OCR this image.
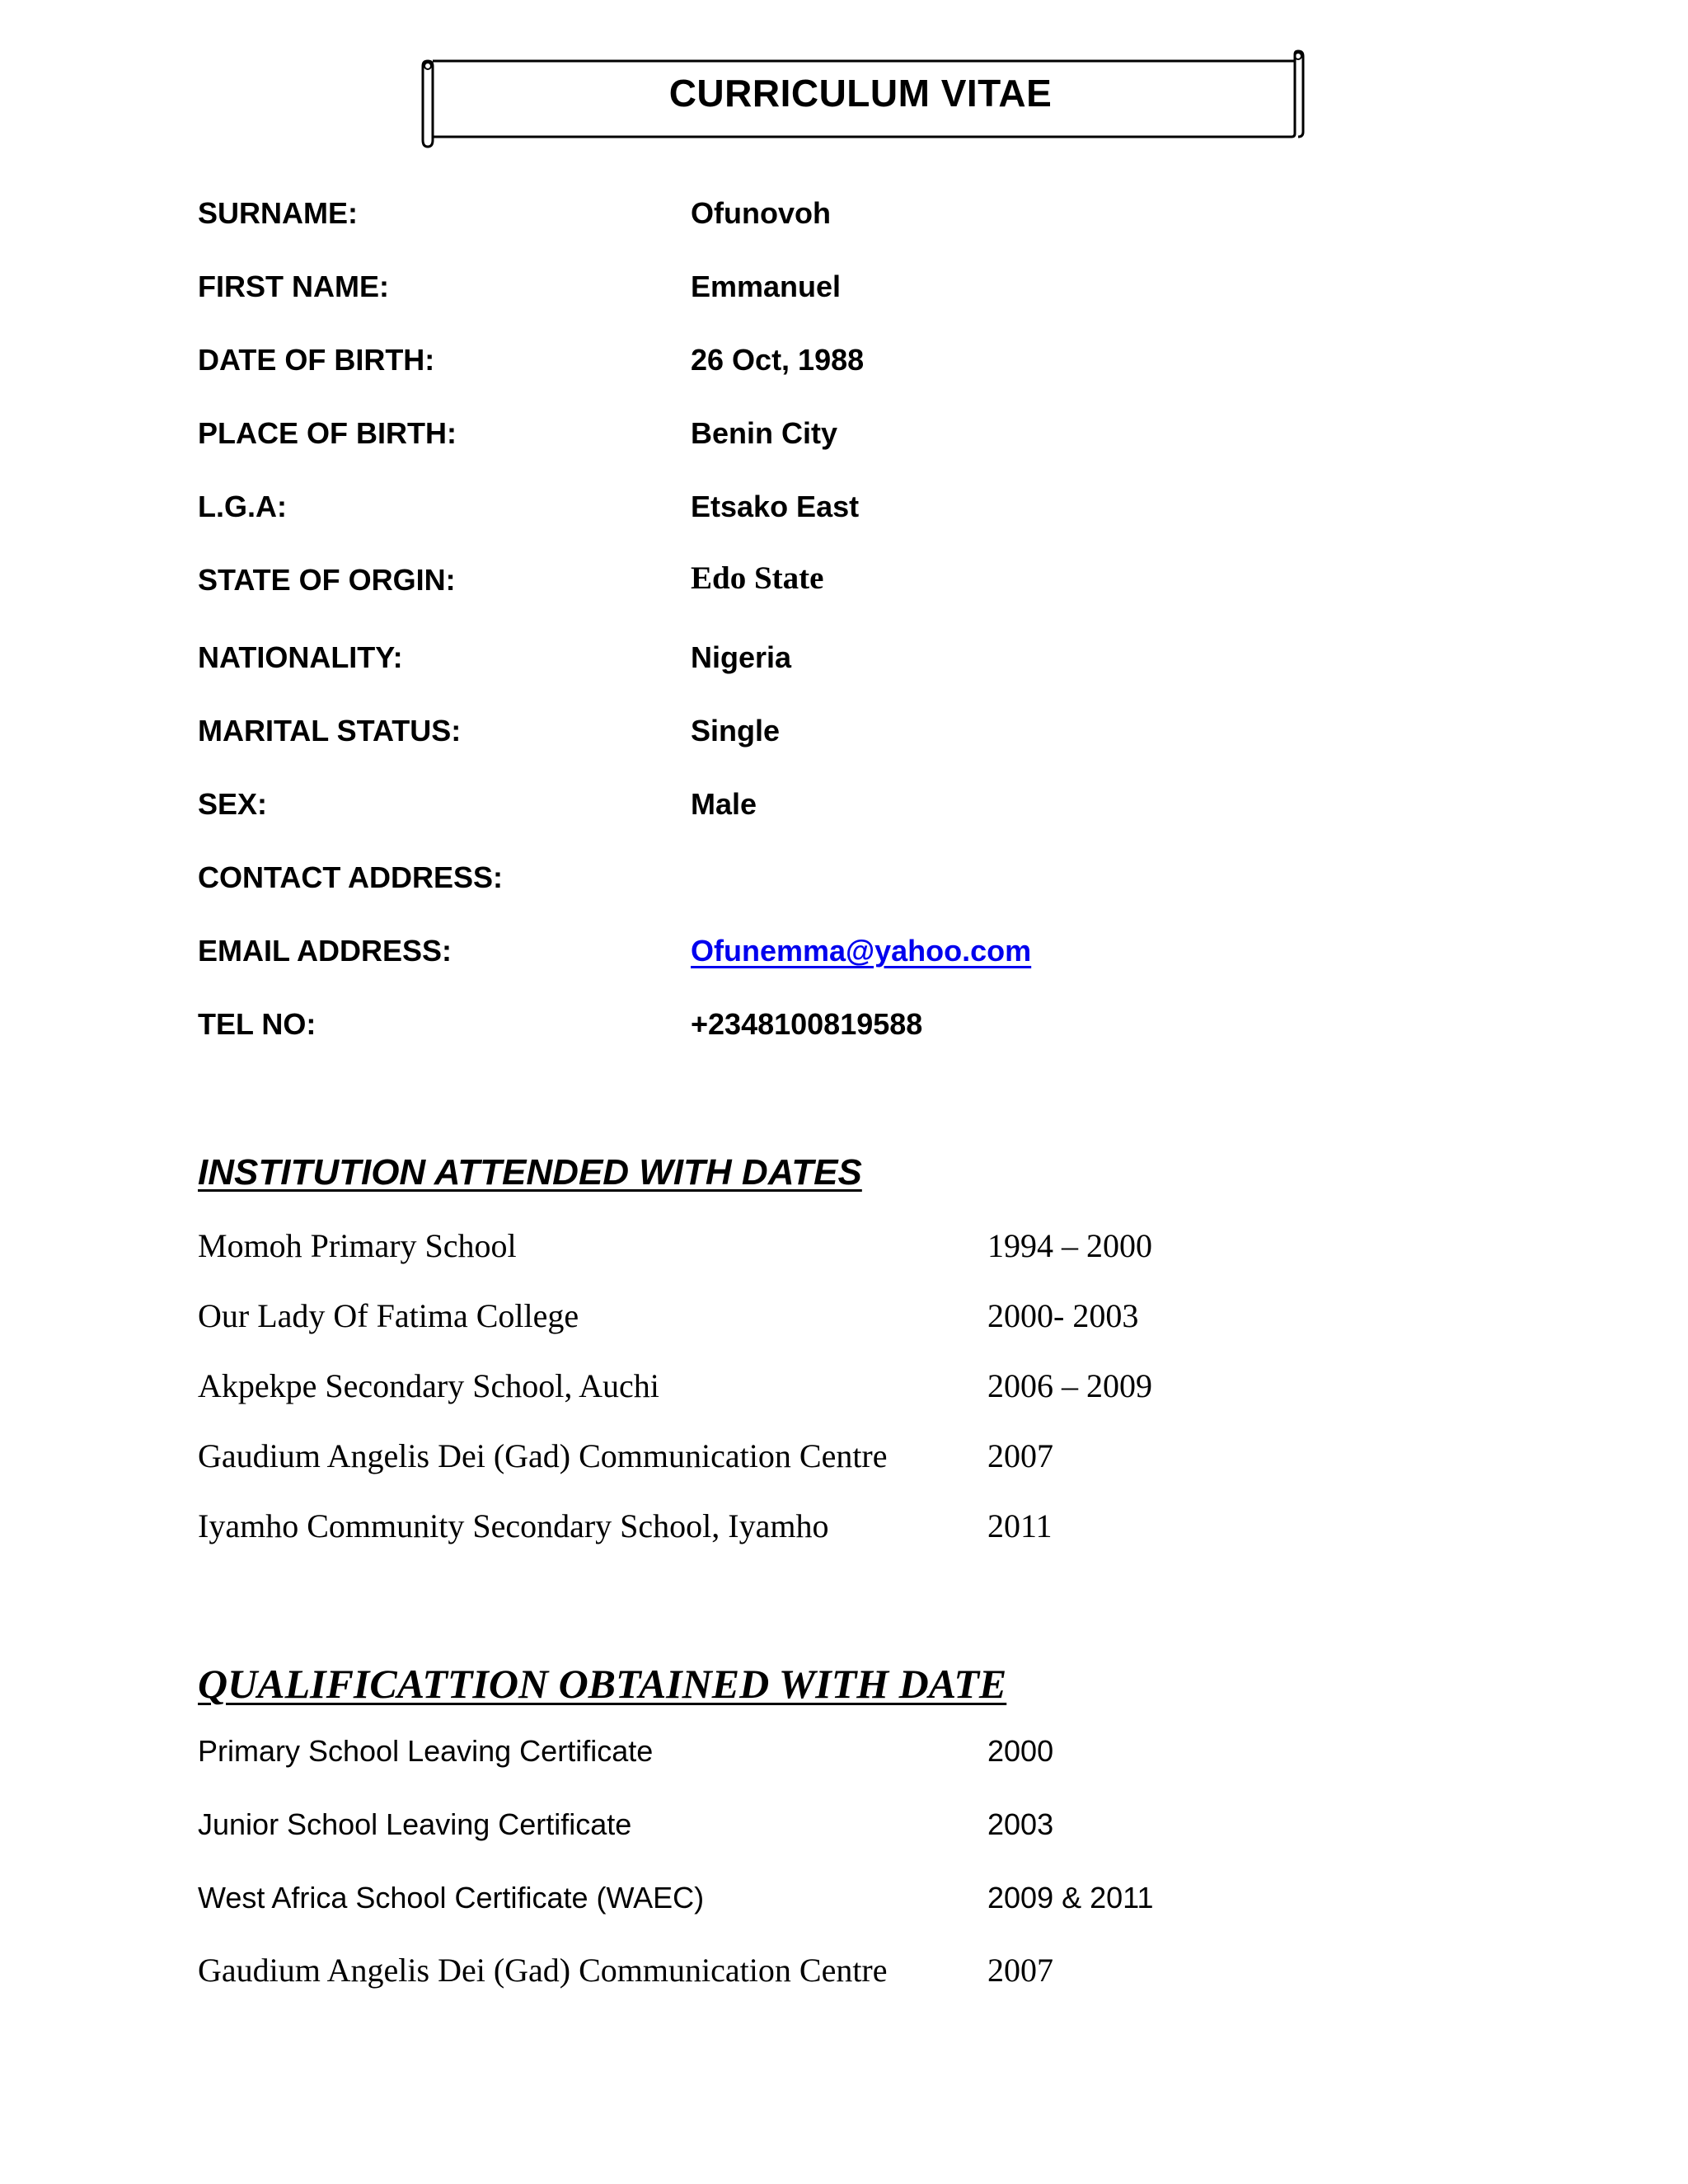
CURRICULUM VITAE
SURNAME:	Ofunovoh
FIRST NAME:	Emmanuel
DATE OF BIRTH:	26 Oct, 1988
PLACE OF BIRTH:	Benin City
L.G.A:	Etsako East
STATE OF ORGIN:	Edo State
NATIONALITY:	Nigeria
MARITAL STATUS:	Single
SEX:	Male
CONTACT ADDRESS:
EMAIL ADDRESS:	Ofunemma@yahoo.com
TEL NO:	+2348100819588
INSTITUTION ATTENDED WITH DATES
Momoh Primary School	1994 – 2000
Our Lady Of Fatima College	2000- 2003
Akpekpe Secondary School, Auchi	2006 – 2009
Gaudium Angelis Dei (Gad) Communication Centre	2007
Iyamho Community Secondary School, Iyamho	2011
QUALIFICATTION OBTAINED WITH DATE
Primary School Leaving Certificate	2000
Junior School Leaving Certificate	2003
West Africa School Certificate (WAEC)	2009 & 2011
Gaudium Angelis Dei (Gad) Communication Centre	2007
